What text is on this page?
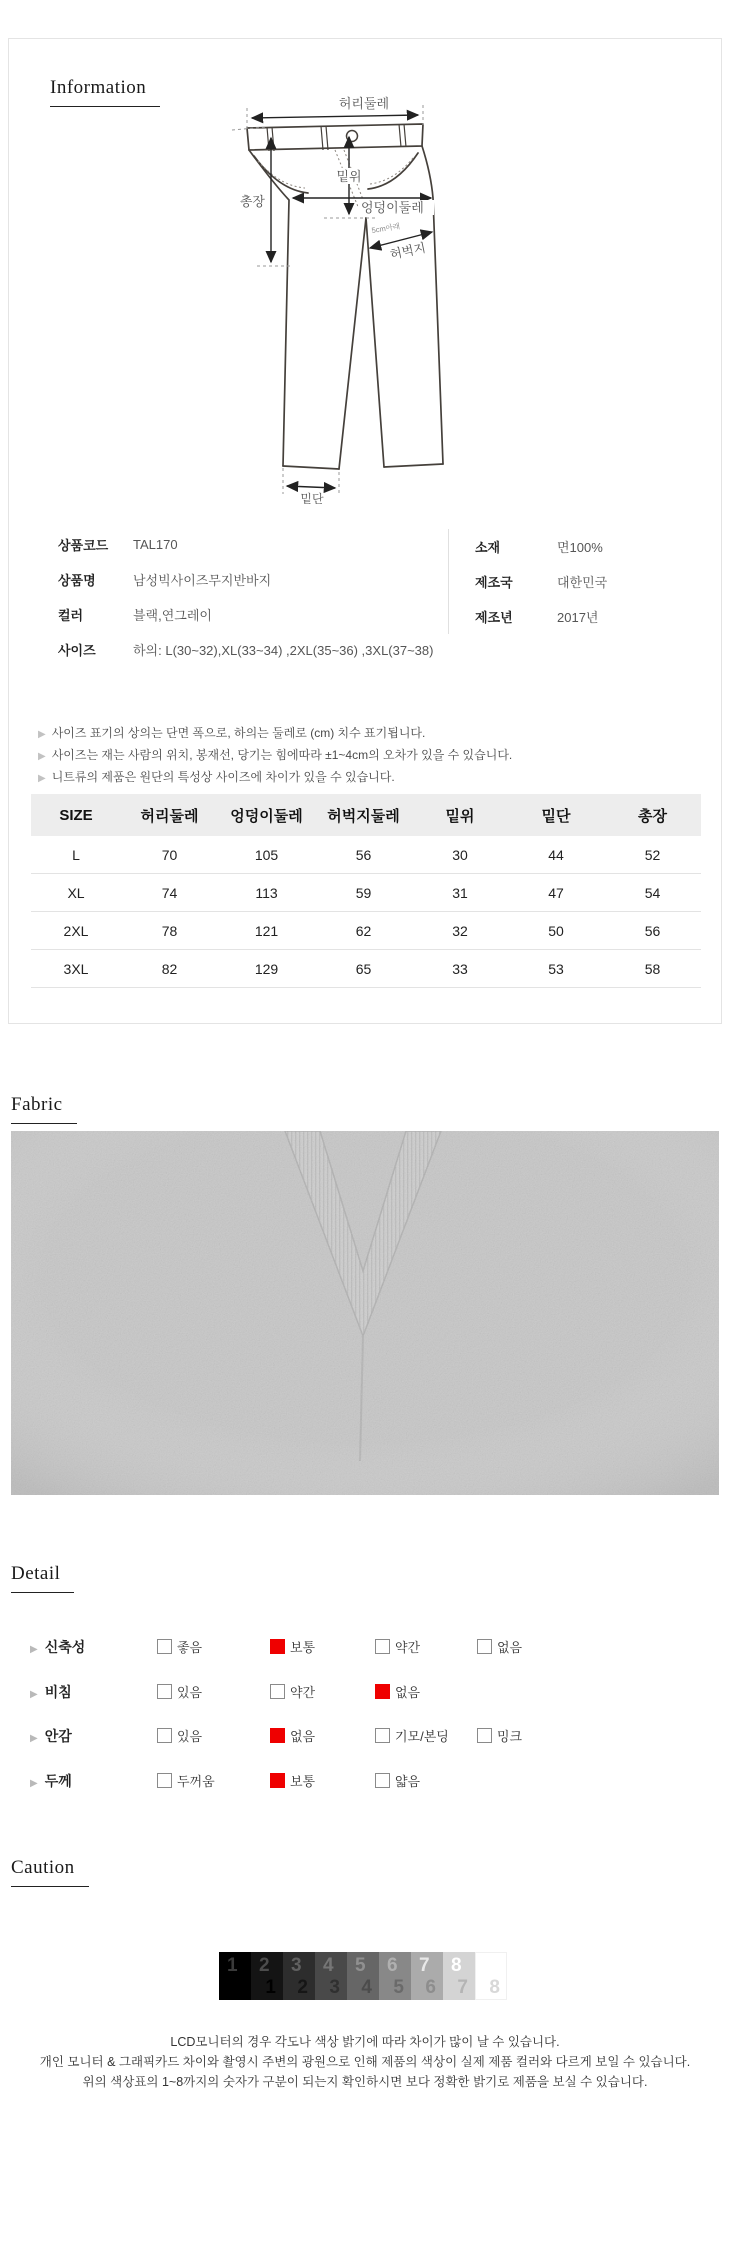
Information
허리둘레
총장
밑위
엉덩이둘레
5cm아래
허벅지
밑단
상품코드	TAL170
상품명	남성빅사이즈무지반바지
컬러	블랙,연그레이
사이즈	하의: L(30~32),XL(33~34) ,2XL(35~36) ,3XL(37~38)
소재	면100%
제조국	대한민국
제조년	2017년
▶ 사이즈 표기의 상의는 단면 폭으로, 하의는 둘레로 (cm) 치수 표기됩니다.
▶ 사이즈는 재는 사람의 위치, 봉재선, 당기는 힘에따라 ±1~4cm의 오차가 있을 수 있습니다.
▶ 니트류의 제품은 원단의 특성상 사이즈에 차이가 있을 수 있습니다.
SIZE	허리둘레	엉덩이둘레	허벅지둘레	밑위	밑단	총장
L	70	105	56	30	44	52
XL	74	113	59	31	47	54
2XL	78	121	62	32	50	56
3XL	82	129	65	33	53	58
Fabric
Detail
▶ 신축성	좋음	보통	약간	없음
▶ 비침	있음	약간	없음
▶ 안감	있음	없음	기모/본딩	밍크
▶ 두께	두꺼움	보통	얇음
Caution
1 2
1
3
2
4
3
5
4
6
5
7
6
8
7 8
LCD모니터의 경우 각도나 색상 밝기에 따라 차이가 많이 날 수 있습니다.
개인 모니터 & 그래픽카드 차이와 촬영시 주변의 광원으로 인해 제품의 색상이 실제 제품 컬러와 다르게 보일 수 있습니다.
위의 색상표의 1~8까지의 숫자가 구분이 되는지 확인하시면 보다 정확한 밝기로 제품을 보실 수 있습니다.
